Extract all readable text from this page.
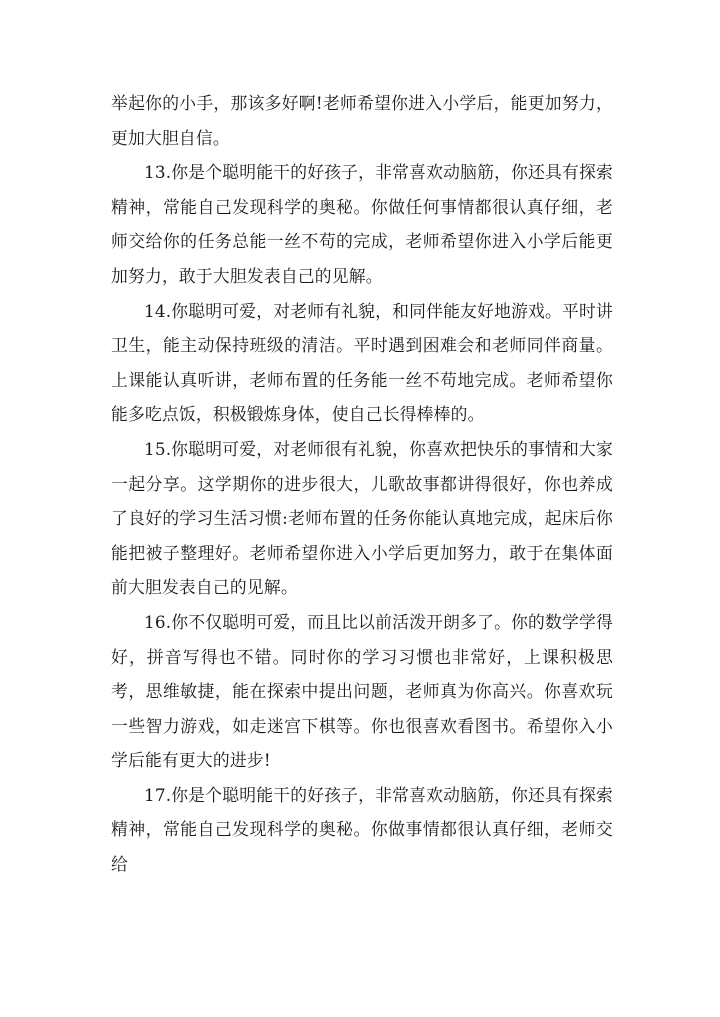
举起你的小手，那该多好啊!老师希望你进入小学后，能更加努力，更加大胆自信。

13.你是个聪明能干的好孩子，非常喜欢动脑筋，你还具有探索精神，常能自己发现科学的奥秘。你做任何事情都很认真仔细，老师交给你的任务总能一丝不苟的完成，老师希望你进入小学后能更加努力，敢于大胆发表自己的见解。

14.你聪明可爱，对老师有礼貌，和同伴能友好地游戏。平时讲卫生，能主动保持班级的清洁。平时遇到困难会和老师同伴商量。上课能认真听讲，老师布置的任务能一丝不苟地完成。老师希望你能多吃点饭，积极锻炼身体，使自己长得棒棒的。

15.你聪明可爱，对老师很有礼貌，你喜欢把快乐的事情和大家一起分享。这学期你的进步很大，儿歌故事都讲得很好，你也养成了良好的学习生活习惯:老师布置的任务你能认真地完成，起床后你能把被子整理好。老师希望你进入小学后更加努力，敢于在集体面前大胆发表自己的见解。

16.你不仅聪明可爱，而且比以前活泼开朗多了。你的数学学得好，拼音写得也不错。同时你的学习习惯也非常好，上课积极思考，思维敏捷，能在探索中提出问题，老师真为你高兴。你喜欢玩一些智力游戏，如走迷宫下棋等。你也很喜欢看图书。希望你入小学后能有更大的进步!

17.你是个聪明能干的好孩子，非常喜欢动脑筋，你还具有探索精神，常能自己发现科学的奥秘。你做事情都很认真仔细，老师交给
